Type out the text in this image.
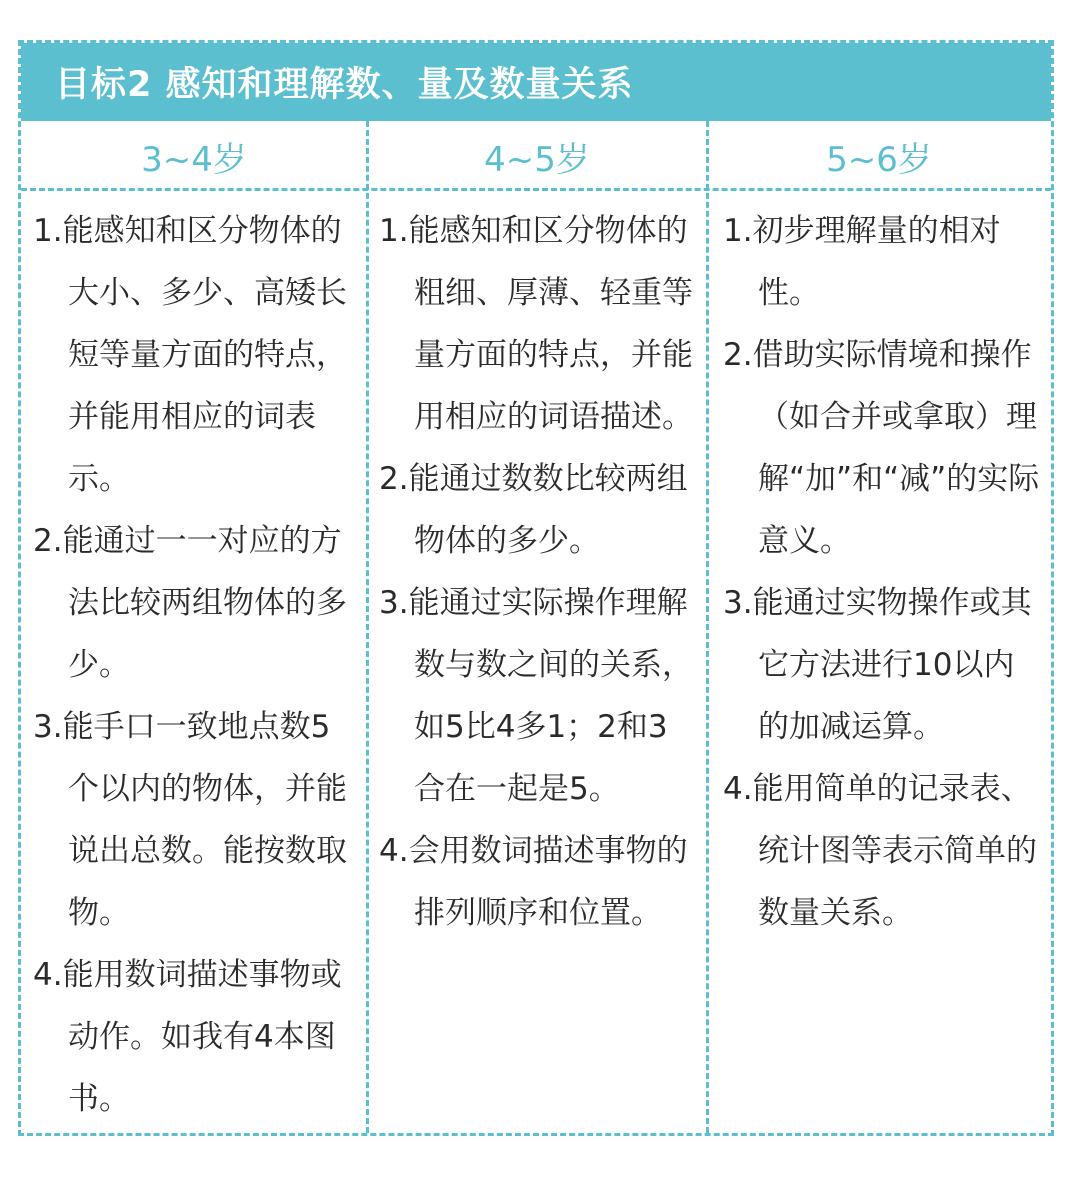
目标2 感知和理解数、量及数量关系
3~4岁	4~5岁	5~6岁

1.能感知和区分物体的大小、多少、高矮长短等量方面的特点，并能用相应的词表示。

2.能通过一一对应的方法比较两组物体的多少。

3.能手口一致地点数5个以内的物体，并能说出总数。能按数取物。

4.能用数词描述事物或动作。如我有4本图书。

1.能感知和区分物体的粗细、厚薄、轻重等量方面的特点，并能用相应的词语描述。

2.能通过数数比较两组物体的多少。

3.能通过实际操作理解数与数之间的关系，如5比4多1；2和3合在一起是5。

4.会用数词描述事物的排列顺序和位置。

1.初步理解量的相对性。

2.借助实际情境和操作（如合并或拿取）理解“加”和“减”的实际意义。

3.能通过实物操作或其它方法进行10以内的加减运算。

4.能用简单的记录表、统计图等表示简单的数量关系。
